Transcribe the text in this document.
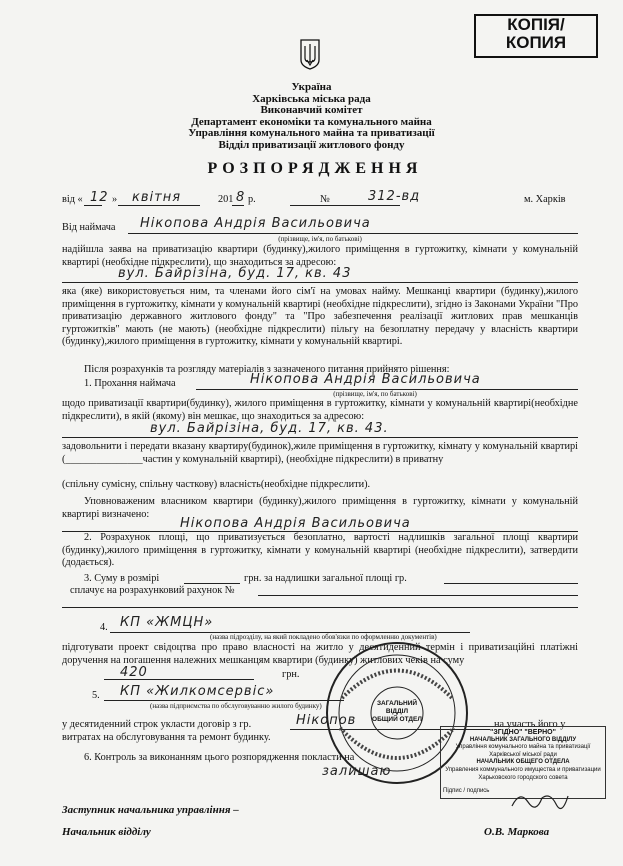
КОПІЯ/
КОПИЯ
Україна
Харківська міська рада
Виконавчий комітет
Департамент економіки та комунального майна
Управління комунального майна та приватизації
Відділ приватизації житлового фонду
РОЗПОРЯДЖЕННЯ
від « 12 » квітня	201 8 р.	№	312-вд	м. Харків
Від наймача Нікопова Андрія Васильовича
(прізвище, ім'я, по батькові)
надійшла заява на приватизацію квартири (будинку),жилого приміщення в гуртожитку, кімнати у комунальній квартирі (необхідне підкреслити), що знаходиться за адресою:
вул. Байрізіна, буд. 17, кв. 43
яка (яке) використовується ним, та членами його сім'ї на умовах найму. Мешканці квартири (будинку),жилого приміщення в гуртожитку, кімнати у комунальній квартирі (необхідне підкреслити), згідно із Законами України "Про приватизацію державного житлового фонду" та "Про забезпечення реалізації житлових прав мешканців гуртожитків" мають (не мають) (необхідне підкреслити) пільгу на безоплатну передачу у власність квартири (будинку),жилого приміщення в гуртожитку, кімнати у комунальній квартирі.
Після розрахунків та розгляду матеріалів з зазначеного питання прийнято рішення:
1. Прохання наймача	Нікопова Андрія Васильовича
(прізвище, ім'я, по батькові)
щодо приватизації квартири(будинку), жилого приміщення в гуртожитку, кімнати у комунальній квартирі(необхідне підкреслити), в якій (якому) він мешкає, що знаходиться за адресою:
вул. Байрізіна, буд. 17, кв. 43.
задовольнити і передати вказану квартиру(будинок),жиле приміщення в гуртожитку, кімнату у комунальній квартирі (_______________частин у комунальній квартирі), (необхідне підкреслити) в приватну
(спільну сумісну, спільну часткову) власність(необхідне підкреслити).
Уповноваженим власником квартири (будинку),жилого приміщення в гуртожитку, кімнати у комунальній квартирі визначено:
Нікопова Андрія Васильовича
2. Розрахунок площі, що приватизується безоплатно, вартості надлишків загальної площі квартири (будинку),жилого приміщення в гуртожитку, кімнати у комунальній квартирі (необхідне підкреслити), затвердити (додається).
3. Суму в розмірі	грн. за надлишки загальної площі гр.
сплачує на розрахунковий рахунок №
4. КП «ЖМЦН»
(назва підрозділу, на який покладено обов'язки по оформленню документів)
підготувати проект свідоцтва про право власності на житло у десятиденний термін і приватизаційні платіжні доручення на погашення належних мешканцям квартири (будинку) житлових чеків на суму
420	грн.
5. КП «Жилкомсервіс»
(назва підприємства по обслуговуванню жилого будинку)
у десятиденний строк укласти договір з гр.	Нікопов	на участь його у
витратах на обслуговування та ремонт будинку.
6. Контроль за виконанням цього розпорядження покласти на
залишаю
ЗАГАЛЬНИЙ ВІДДІЛ
ОБЩИЙ ОТДЕЛ
"ЗГІДНО" "ВЕРНО"
НАЧАЛЬНИК ЗАГАЛЬНОГО ВІДДІЛУ
Управління комунального майна та приватизації
Харківської міської ради
НАЧАЛЬНИК ОБЩЕГО ОТДЕЛА
Управления коммунального имущества и приватизации
Харьковского городского совета
Підпис / подпись
Заступник начальника управління –
Начальник відділу	О.В. Маркова
